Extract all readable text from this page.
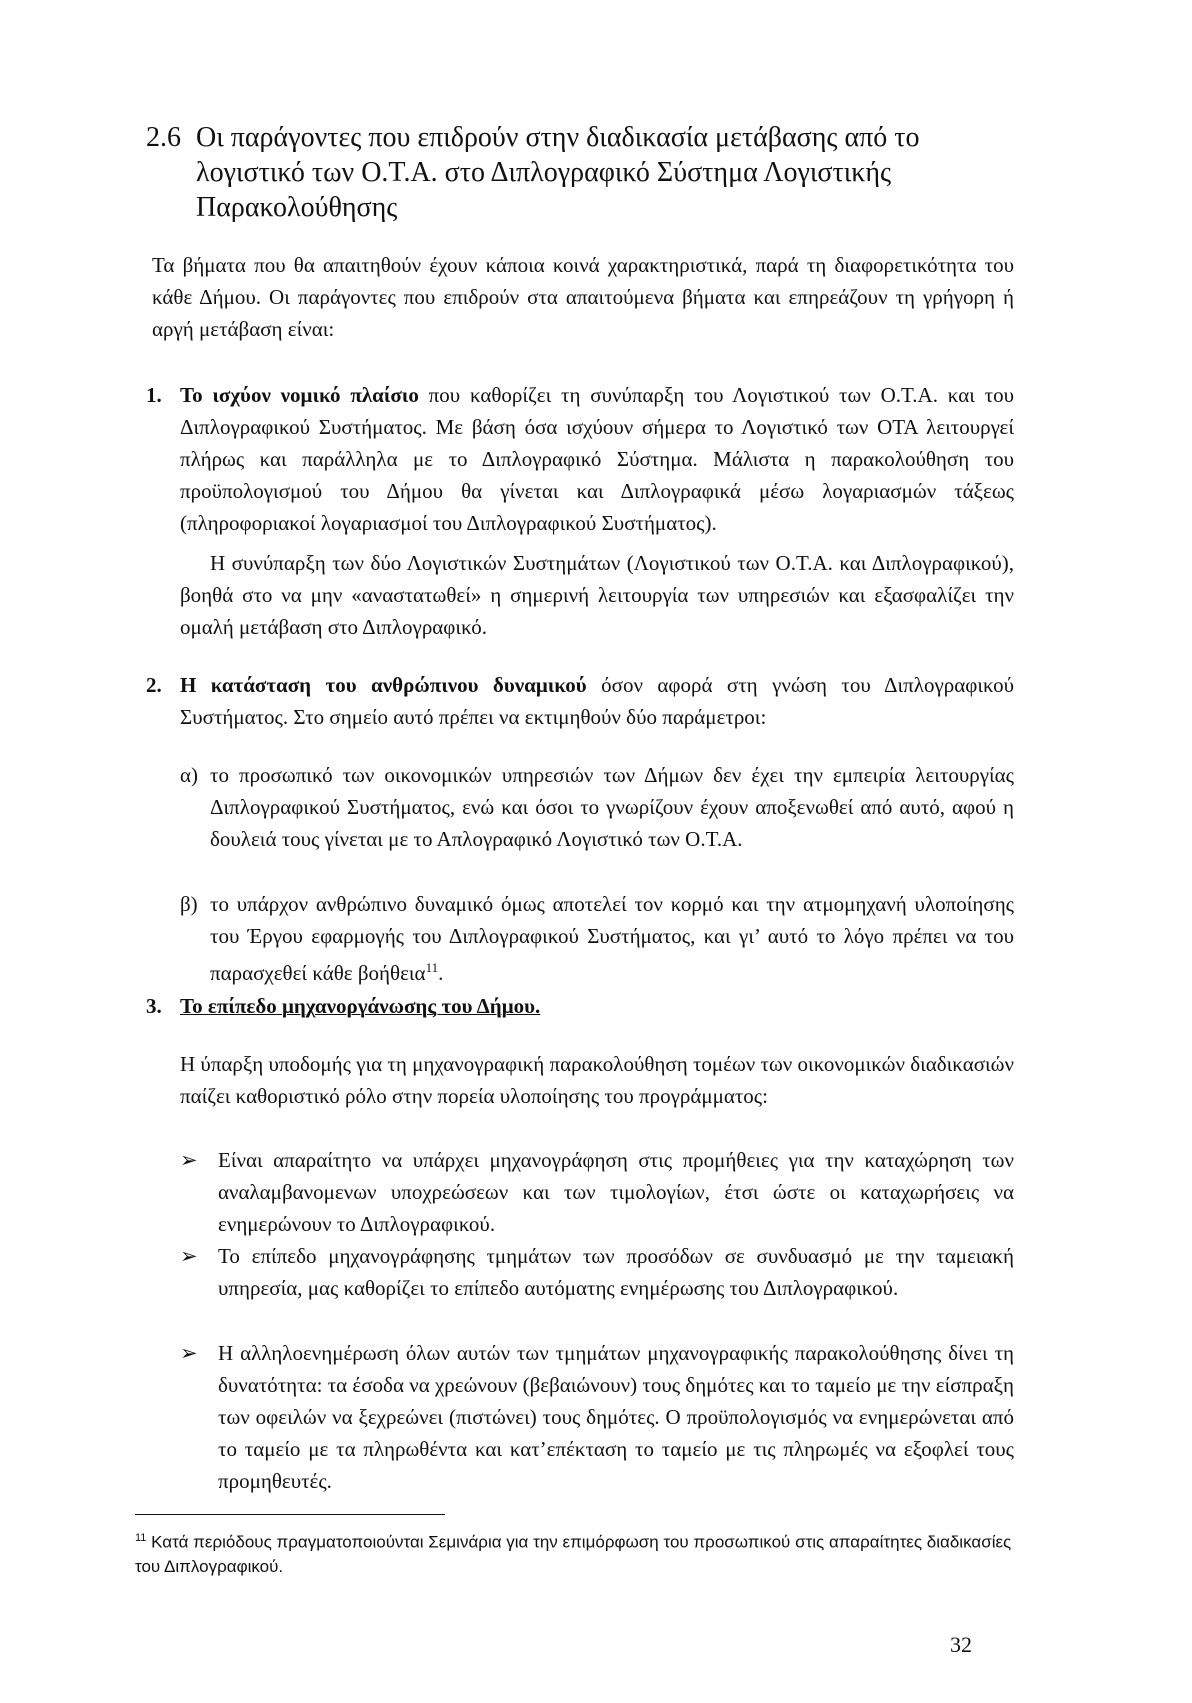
2.6 Οι παράγοντες που επιδρούν στην διαδικασία μετάβασης από το
λογιστικό των Ο.Τ.Α. στο Διπλογραφικό Σύστημα Λογιστικής
Παρακολούθησης
Τα βήματα που θα απαιτηθούν έχουν κάποια κοινά χαρακτηριστικά, παρά τη διαφορετικότητα του κάθε Δήμου. Οι παράγοντες που επιδρούν στα απαιτούμενα βήματα και επηρεάζουν τη γρήγορη ή αργή μετάβαση είναι:
1. Το ισχύον νομικό πλαίσιο που καθορίζει τη συνύπαρξη του Λογιστικού των Ο.Τ.Α. και του Διπλογραφικού Συστήματος. Με βάση όσα ισχύουν σήμερα το Λογιστικό των ΟΤΑ λειτουργεί πλήρως και παράλληλα με το Διπλογραφικό Σύστημα. Μάλιστα η παρακολούθηση του προϋπολογισμού του Δήμου θα γίνεται και Διπλογραφικά μέσω λογαριασμών τάξεως (πληροφοριακοί λογαριασμοί του Διπλογραφικού Συστήματος).
Η συνύπαρξη των δύο Λογιστικών Συστημάτων (Λογιστικού των Ο.Τ.Α. και Διπλογραφικού), βοηθά στο να μην «αναστατωθεί» η σημερινή λειτουργία των υπηρεσιών και εξασφαλίζει την ομαλή μετάβαση στο Διπλογραφικό.
2. Η κατάσταση του ανθρώπινου δυναμικού όσον αφορά στη γνώση του Διπλογραφικού Συστήματος. Στο σημείο αυτό πρέπει να εκτιμηθούν δύο παράμετροι:
α) το προσωπικό των οικονομικών υπηρεσιών των Δήμων δεν έχει την εμπειρία λειτουργίας Διπλογραφικού Συστήματος, ενώ και όσοι το γνωρίζουν έχουν αποξενωθεί από αυτό, αφού η δουλειά τους γίνεται με το Απλογραφικό Λογιστικό των Ο.Τ.Α.
β) το υπάρχον ανθρώπινο δυναμικό όμως αποτελεί τον κορμό και την ατμομηχανή υλοποίησης του Έργου εφαρμογής του Διπλογραφικού Συστήματος, και γι’ αυτό το λόγο πρέπει να του παρασχεθεί κάθε βοήθεια$^{11}$.
3. Το επίπεδο μηχανοργάνωσης του Δήμου.
Η ύπαρξη υποδομής για τη μηχανογραφική παρακολούθηση τομέων των οικονομικών διαδικασιών παίζει καθοριστικό ρόλο στην πορεία υλοποίησης του προγράμματος:
➢ Είναι απαραίτητο να υπάρχει μηχανογράφηση στις προμήθειες για την καταχώρηση των αναλαμβανομενων υποχρεώσεων και των τιμολογίων, έτσι ώστε οι καταχωρήσεις να ενημερώνουν το Διπλογραφικού.
➢ Το επίπεδο μηχανογράφησης τμημάτων των προσόδων σε συνδυασμό με την ταμειακή υπηρεσία, μας καθορίζει το επίπεδο αυτόματης ενημέρωσης του Διπλογραφικού.
➢ Η αλληλοενημέρωση όλων αυτών των τμημάτων μηχανογραφικής παρακολούθησης δίνει τη δυνατότητα: τα έσοδα να χρεώνουν (βεβαιώνουν) τους δημότες και το ταμείο με την είσπραξη των οφειλών να ξεχρεώνει (πιστώνει) τους δημότες. Ο προϋπολογισμός να ενημερώνεται από το ταμείο με τα πληρωθέντα και κατ’επέκταση το ταμείο με τις πληρωμές να εξοφλεί τους προμηθευτές.
$^{11}$ Κατά περιόδους πραγματοποιούνται Σεμινάρια για την επιμόρφωση του προσωπικού στις απαραίτητες διαδικασίες του Διπλογραφικού.
32
